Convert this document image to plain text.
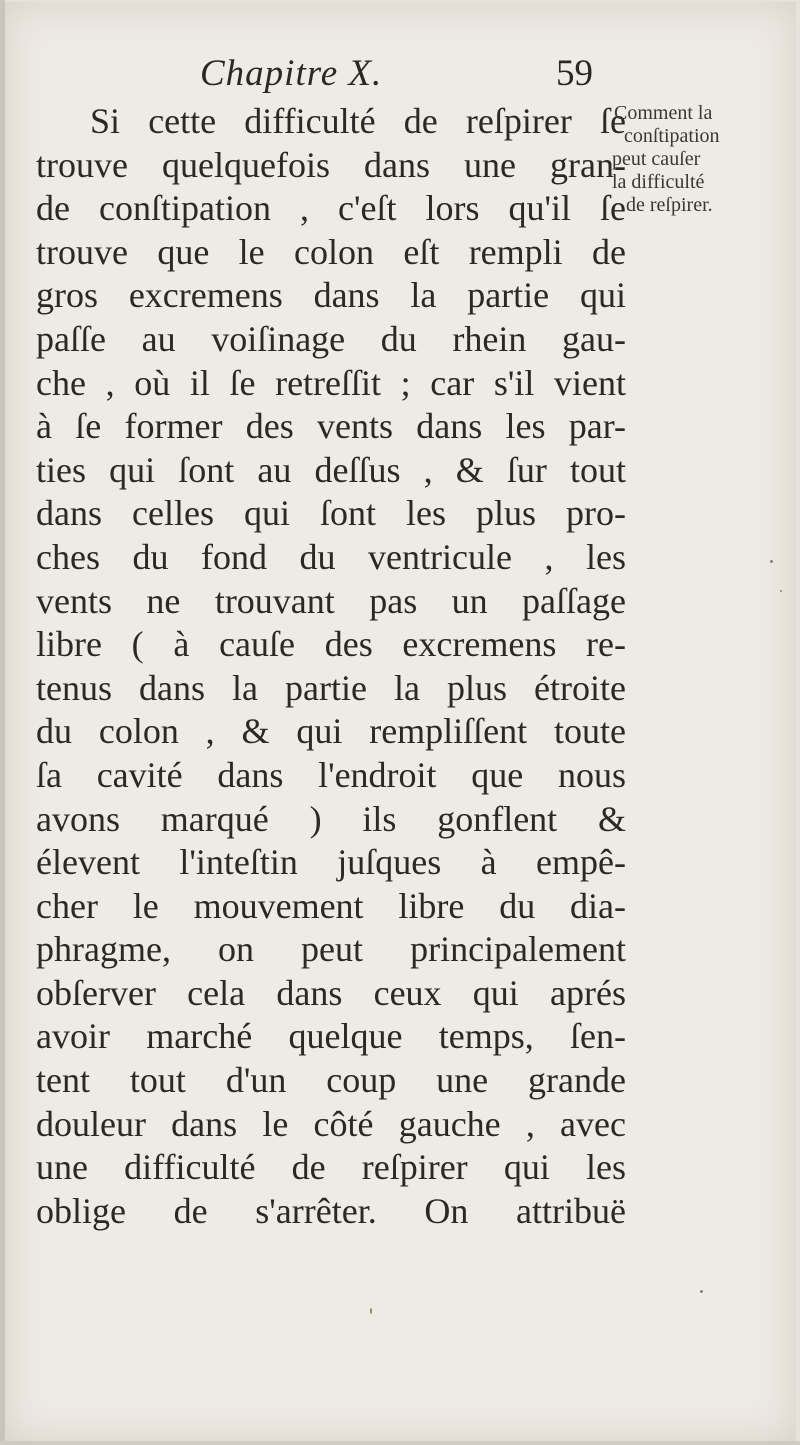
Chapitre X.	59
Si cette difficulté de reſpirer ſe
trouve quelquefois dans une gran-
de conſtipation , c'eſt lors qu'il ſe
trouve que le colon eſt rempli de
gros excremens dans la partie qui
paſſe au voiſinage du rhein gau-
che , où il ſe retreſſit ; car s'il vient
à ſe former des vents dans les par-
ties qui ſont au deſſus , & ſur tout
dans celles qui ſont les plus pro-
ches du fond du ventricule , les
vents ne trouvant pas un paſſage
libre ( à cauſe des excremens re-
tenus dans la partie la plus étroite
du colon , & qui rempliſſent toute
ſa cavité dans l'endroit que nous
avons marqué ) ils gonflent &
élevent l'inteſtin juſques à empê-
cher le mouvement libre du dia-
phragme, on peut principalement
obſerver cela dans ceux qui aprés
avoir marché quelque temps, ſen-
tent tout d'un coup une grande
douleur dans le côté gauche , avec
une difficulté de reſpirer qui les
oblige de s'arrêter. On attribuë
Comment la
conſtipation
peut cauſer
la difficulté
de reſpirer.
